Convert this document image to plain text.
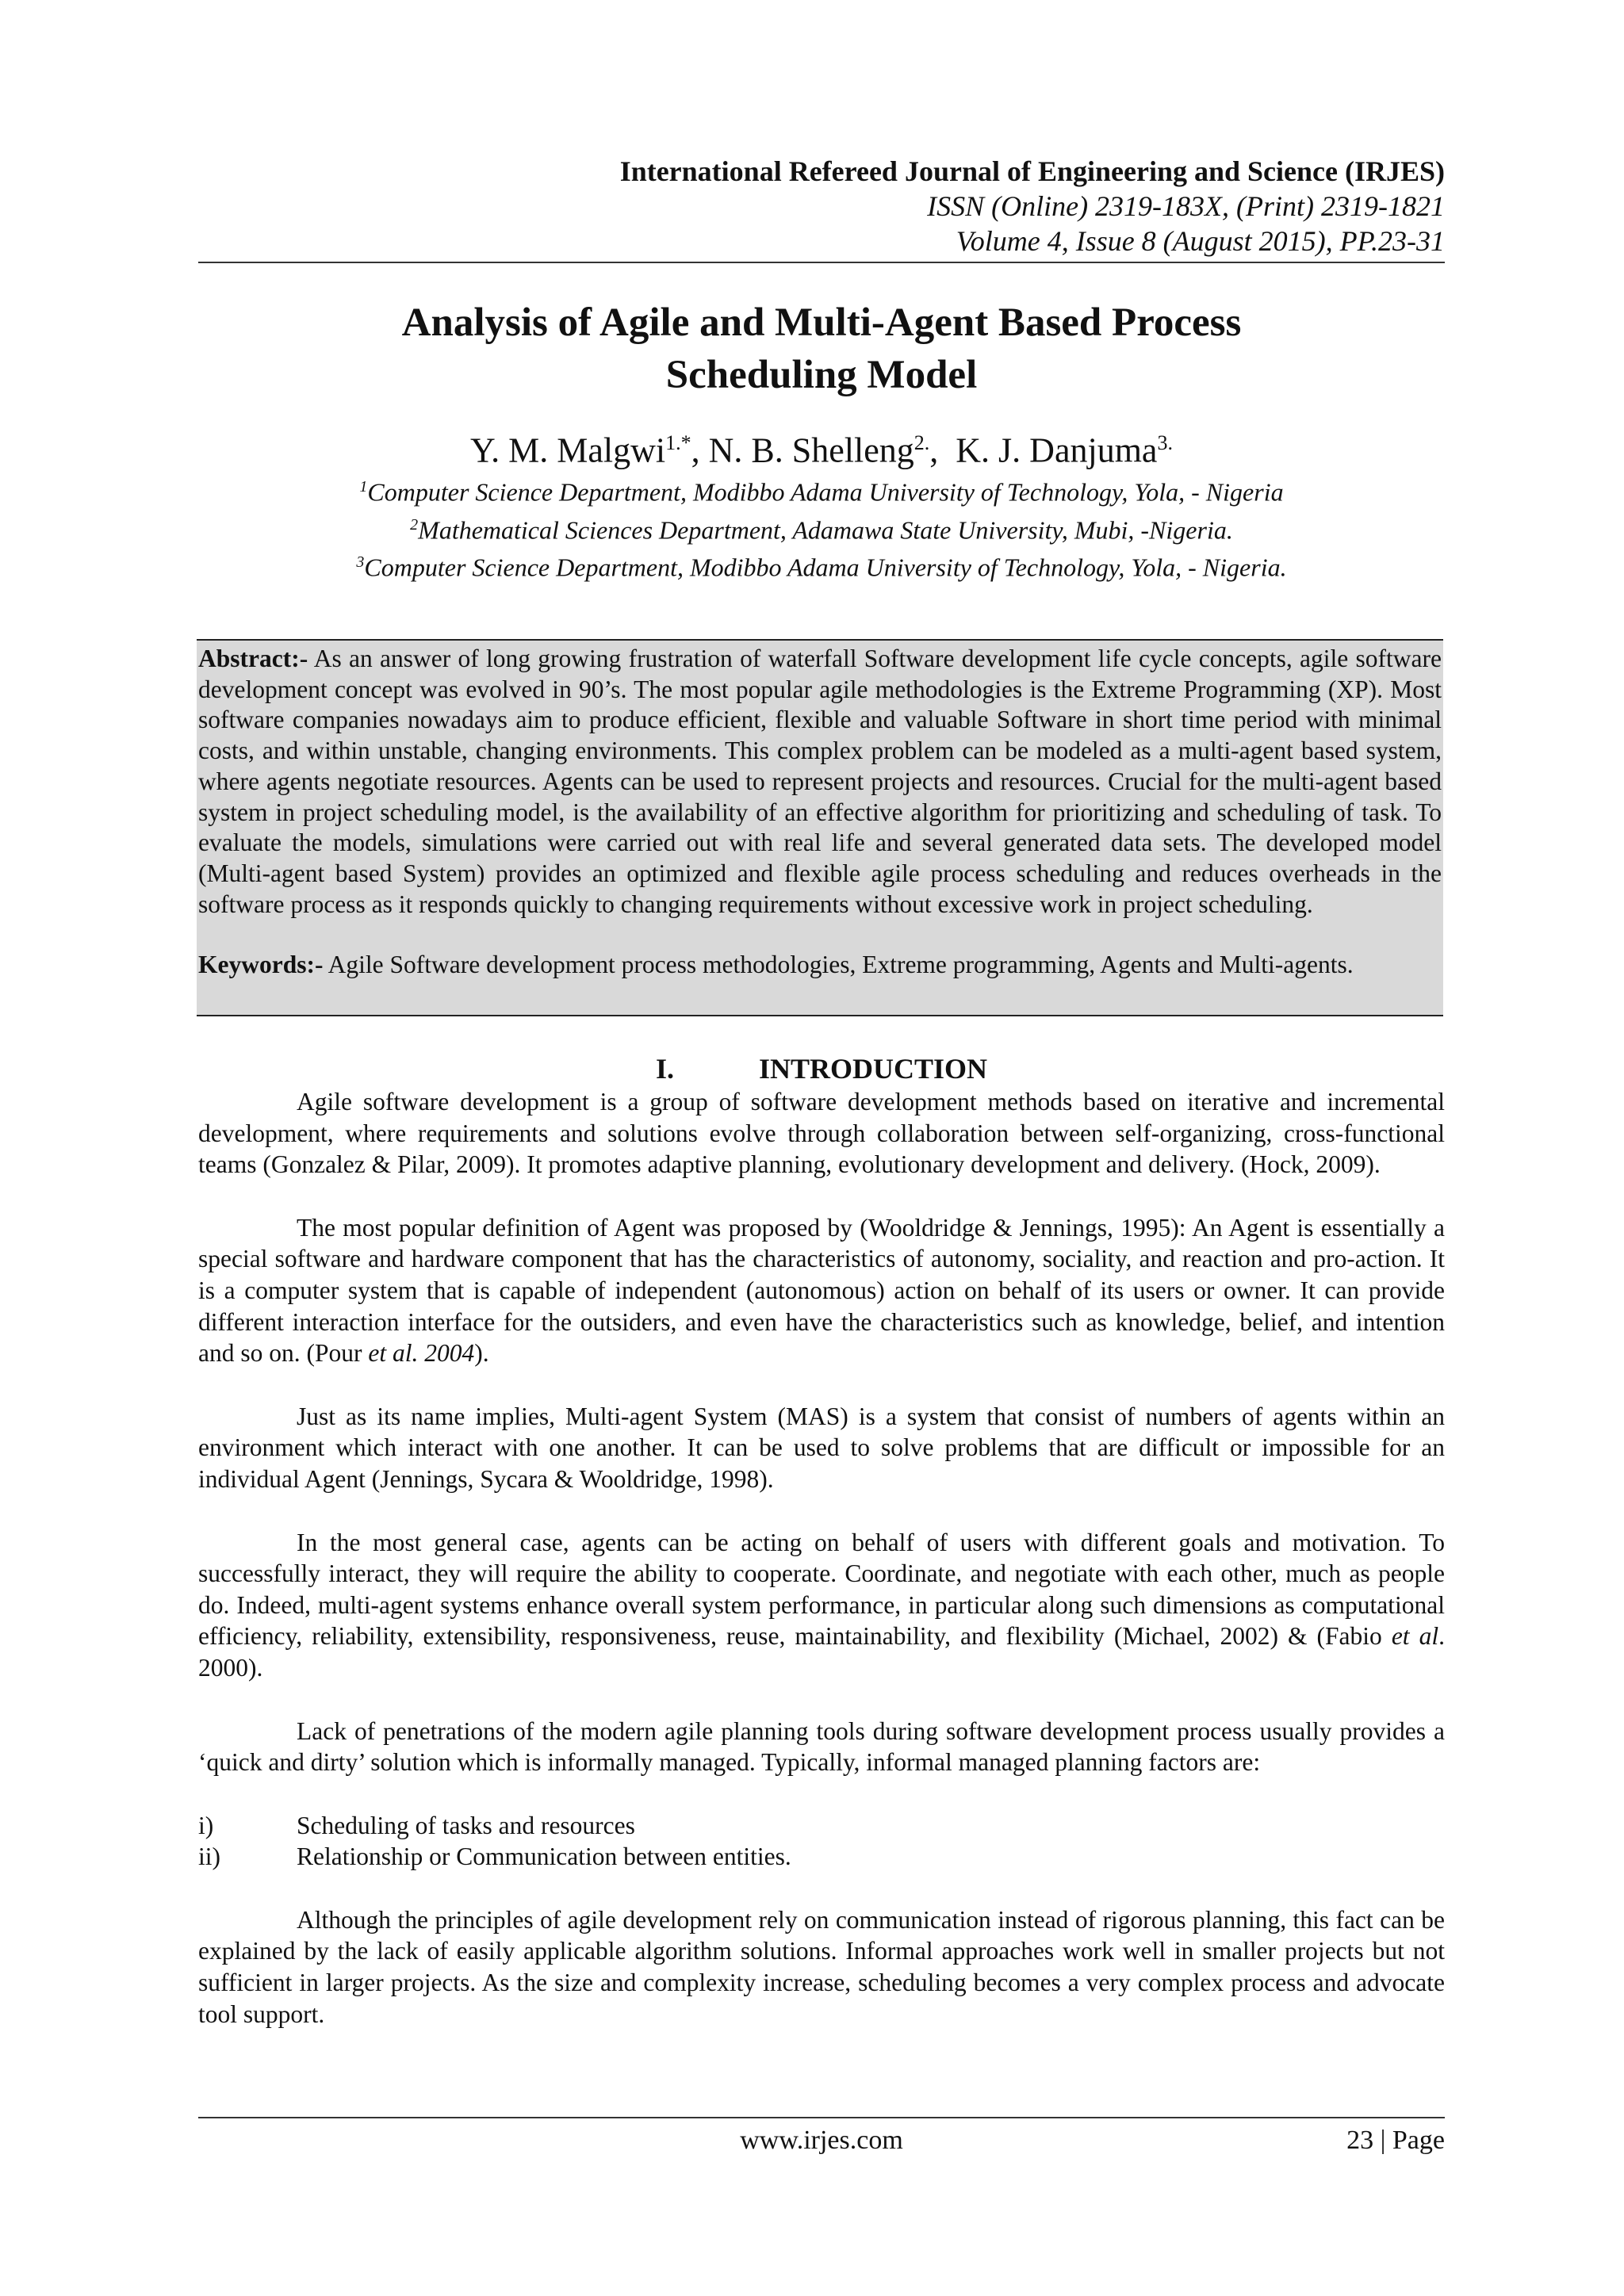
International Refereed Journal of Engineering and Science (IRJES)
ISSN (Online) 2319-183X, (Print) 2319-1821
Volume 4, Issue 8 (August 2015), PP.23-31
Analysis of Agile and Multi-Agent Based Process
Scheduling Model
Y. M. Malgwi$^{1.*}$, N. B. Shelleng$^{2.}$,  K. J. Danjuma$^{3.}$
$^1$Computer Science Department, Modibbo Adama University of Technology, Yola, - Nigeria
$^2$Mathematical Sciences Department, Adamawa State University, Mubi, -Nigeria.
$^3$Computer Science Department, Modibbo Adama University of Technology, Yola, - Nigeria.

Abstract:- As an answer of long growing frustration of waterfall Software development life cycle concepts, agile software development concept was evolved in 90’s. The most popular agile methodologies is the Extreme Programming (XP). Most software companies nowadays aim to produce efficient, flexible and valuable Software in short time period with minimal costs, and within unstable, changing environments. This complex problem can be modeled as a multi-agent based system, where agents negotiate resources. Agents can be used to represent projects and resources. Crucial for the multi-agent based system in project scheduling model, is the availability of an effective algorithm for prioritizing and scheduling of task. To evaluate the models, simulations were carried out with real life and several generated data sets. The developed model (Multi-agent based System) provides an optimized and flexible agile process scheduling and reduces overheads in the software process as it responds quickly to changing requirements without excessive work in project scheduling.

Keywords:- Agile Software development process methodologies, Extreme programming, Agents and Multi-agents.

I.	INTRODUCTION

Agile software development is a group of software development methods based on iterative and incremental development, where requirements and solutions evolve through collaboration between self-organizing, cross-functional teams (Gonzalez & Pilar, 2009). It promotes adaptive planning, evolutionary development and delivery. (Hock, 2009).

The most popular definition of Agent was proposed by (Wooldridge & Jennings, 1995): An Agent is essentially a special software and hardware component that has the characteristics of autonomy, sociality, and reaction and pro-action. It is a computer system that is capable of independent (autonomous) action on behalf of its users or owner. It can provide different interaction interface for the outsiders, and even have the characteristics such as knowledge, belief, and intention and so on. (Pour et al. 2004).

Just as its name implies, Multi-agent System (MAS) is a system that consist of numbers of agents within an environment which interact with one another. It can be used to solve problems that are difficult or impossible for an individual Agent (Jennings, Sycara & Wooldridge, 1998).

In the most general case, agents can be acting on behalf of users with different goals and motivation. To successfully interact, they will require the ability to cooperate. Coordinate, and negotiate with each other, much as people do. Indeed, multi-agent systems enhance overall system performance, in particular along such dimensions as computational efficiency, reliability, extensibility, responsiveness, reuse, maintainability, and flexibility (Michael, 2002) & (Fabio et al. 2000).

Lack of penetrations of the modern agile planning tools during software development process usually provides a ‘quick and dirty’ solution which is informally managed. Typically, informal managed planning factors are:

i)	Scheduling of tasks and resources
ii)	Relationship or Communication between entities.

Although the principles of agile development rely on communication instead of rigorous planning, this fact can be explained by the lack of easily applicable algorithm solutions. Informal approaches work well in smaller projects but not sufficient in larger projects. As the size and complexity increase, scheduling becomes a very complex process and advocate tool support.

www.irjes.com	23 | Page
